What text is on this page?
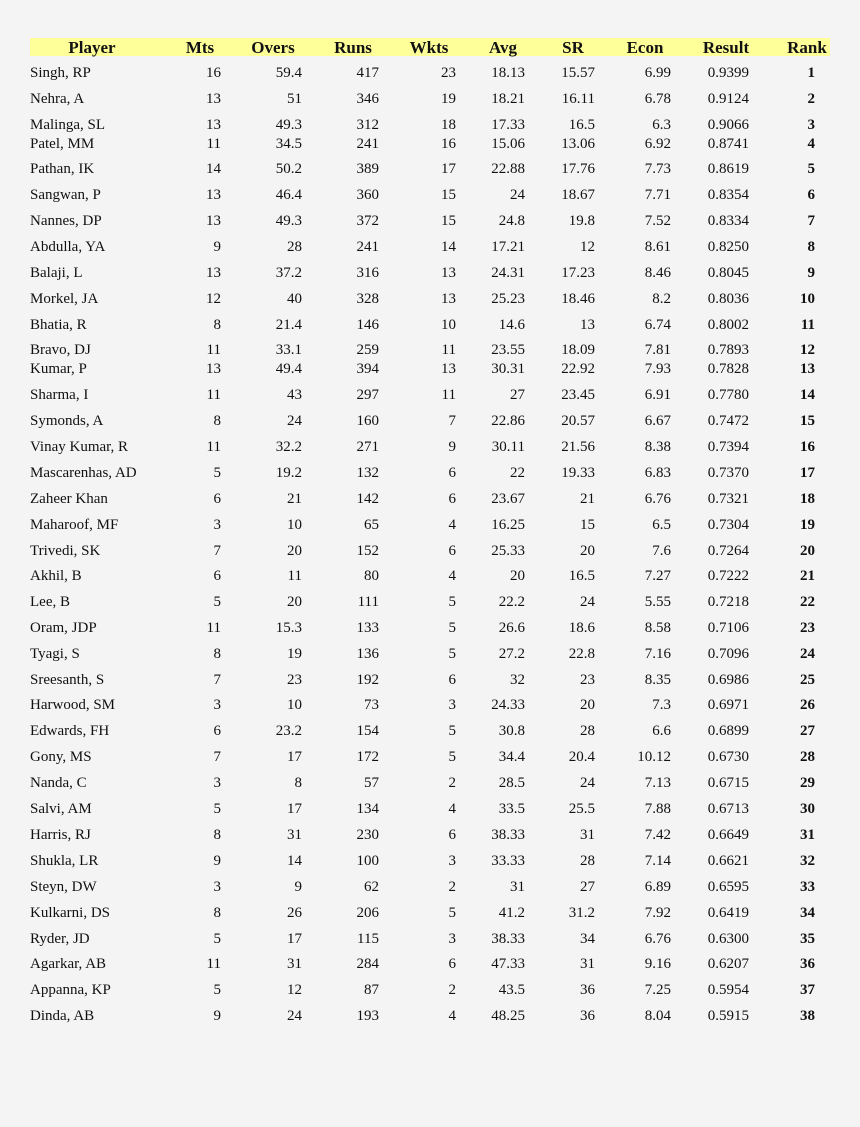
Player	Mts	Overs	Runs	Wkts	Avg	SR	Econ	Result	Rank
Singh, RP	16	59.4	417	23	18.13	15.57	6.99	0.9399	1
Nehra, A	13	51	346	19	18.21	16.11	6.78	0.9124	2
Malinga, SL	13	49.3	312	18	17.33	16.5	6.3	0.9066	3
Patel, MM	11	34.5	241	16	15.06	13.06	6.92	0.8741	4
Pathan, IK	14	50.2	389	17	22.88	17.76	7.73	0.8619	5
Sangwan, P	13	46.4	360	15	24	18.67	7.71	0.8354	6
Nannes, DP	13	49.3	372	15	24.8	19.8	7.52	0.8334	7
Abdulla, YA	9	28	241	14	17.21	12	8.61	0.8250	8
Balaji, L	13	37.2	316	13	24.31	17.23	8.46	0.8045	9
Morkel, JA	12	40	328	13	25.23	18.46	8.2	0.8036	10
Bhatia, R	8	21.4	146	10	14.6	13	6.74	0.8002	11
Bravo, DJ	11	33.1	259	11	23.55	18.09	7.81	0.7893	12
Kumar, P	13	49.4	394	13	30.31	22.92	7.93	0.7828	13
Sharma, I	11	43	297	11	27	23.45	6.91	0.7780	14
Symonds, A	8	24	160	7	22.86	20.57	6.67	0.7472	15
Vinay Kumar, R	11	32.2	271	9	30.11	21.56	8.38	0.7394	16
Mascarenhas, AD	5	19.2	132	6	22	19.33	6.83	0.7370	17
Zaheer Khan	6	21	142	6	23.67	21	6.76	0.7321	18
Maharoof, MF	3	10	65	4	16.25	15	6.5	0.7304	19
Trivedi, SK	7	20	152	6	25.33	20	7.6	0.7264	20
Akhil, B	6	11	80	4	20	16.5	7.27	0.7222	21
Lee, B	5	20	111	5	22.2	24	5.55	0.7218	22
Oram, JDP	11	15.3	133	5	26.6	18.6	8.58	0.7106	23
Tyagi, S	8	19	136	5	27.2	22.8	7.16	0.7096	24
Sreesanth, S	7	23	192	6	32	23	8.35	0.6986	25
Harwood, SM	3	10	73	3	24.33	20	7.3	0.6971	26
Edwards, FH	6	23.2	154	5	30.8	28	6.6	0.6899	27
Gony, MS	7	17	172	5	34.4	20.4	10.12	0.6730	28
Nanda, C	3	8	57	2	28.5	24	7.13	0.6715	29
Salvi, AM	5	17	134	4	33.5	25.5	7.88	0.6713	30
Harris, RJ	8	31	230	6	38.33	31	7.42	0.6649	31
Shukla, LR	9	14	100	3	33.33	28	7.14	0.6621	32
Steyn, DW	3	9	62	2	31	27	6.89	0.6595	33
Kulkarni, DS	8	26	206	5	41.2	31.2	7.92	0.6419	34
Ryder, JD	5	17	115	3	38.33	34	6.76	0.6300	35
Agarkar, AB	11	31	284	6	47.33	31	9.16	0.6207	36
Appanna, KP	5	12	87	2	43.5	36	7.25	0.5954	37
Dinda, AB	9	24	193	4	48.25	36	8.04	0.5915	38
